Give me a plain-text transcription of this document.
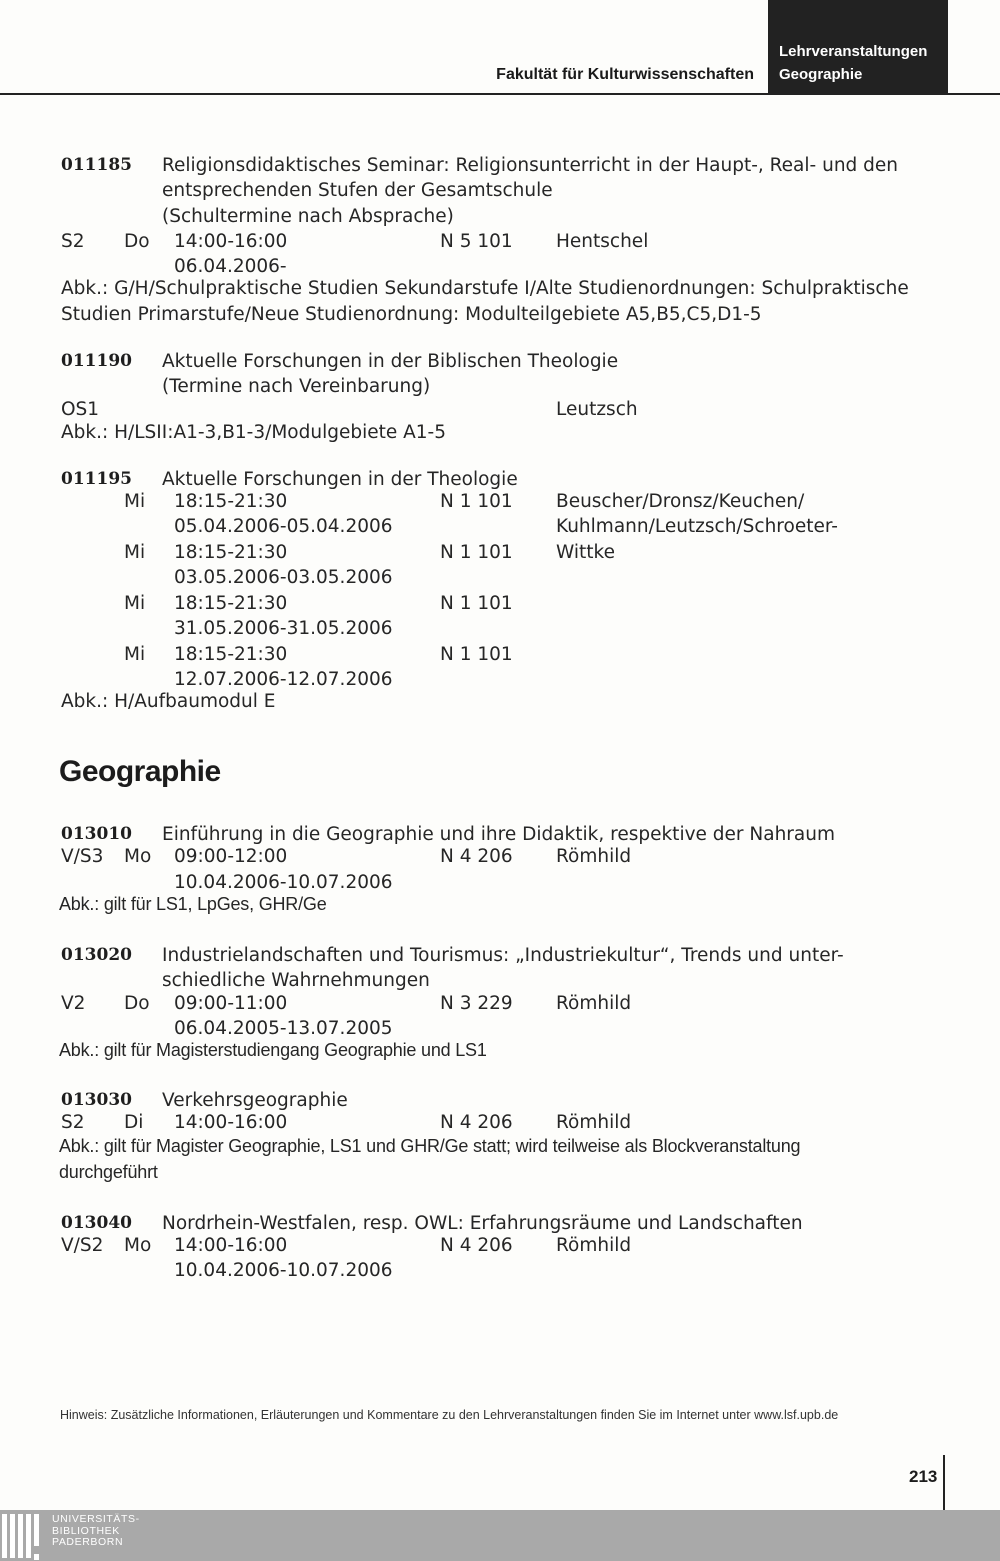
Fakultät für Kulturwissenschaften
Lehrveranstaltungen
Geographie
011185 Religionsdidaktisches Seminar: Religionsunterricht in der Haupt-, Real- und den
entsprechenden Stufen der Gesamtschule
(Schultermine nach Absprache)
S2 Do 14:00-16:00	N 5 101 Hentschel
06.04.2006-
Abk.: G/H/Schulpraktische Studien Sekundarstufe I/Alte Studienordnungen: Schulpraktische
Studien Primarstufe/Neue Studienordnung: Modulteilgebiete A5,B5,C5,D1-5
011190 Aktuelle Forschungen in der Biblischen Theologie
(Termine nach Vereinbarung)
OS1	Leutzsch
Abk.: H/LSII:A1-3,B1-3/Modulgebiete A1-5
011195 Aktuelle Forschungen in der Theologie
Mi 18:15-21:30	N 1 101 Beuscher/Dronsz/Keuchen/
05.04.2006-05.04.2006	Kuhlmann/Leutzsch/Schroeter-
Mi 18:15-21:30	N 1 101 Wittke
03.05.2006-03.05.2006
Mi 18:15-21:30	N 1 101
31.05.2006-31.05.2006
Mi 18:15-21:30	N 1 101
12.07.2006-12.07.2006
Abk.: H/Aufbaumodul E
Geographie
013010 Einführung in die Geographie und ihre Didaktik, respektive der Nahraum
V/S3 Mo 09:00-12:00	N 4 206 Römhild
10.04.2006-10.07.2006
Abk.: gilt für LS1, LpGes, GHR/Ge
013020 Industrielandschaften und Tourismus: „Industriekultur“, Trends und unter-
schiedliche Wahrnehmungen
V2 Do 09:00-11:00	N 3 229 Römhild
06.04.2005-13.07.2005
Abk.: gilt für Magisterstudiengang Geographie und LS1
013030 Verkehrsgeographie
S2 Di 14:00-16:00	N 4 206 Römhild
Abk.: gilt für Magister Geographie, LS1 und GHR/Ge statt; wird teilweise als Blockveranstaltung
durchgeführt
013040 Nordrhein-Westfalen, resp. OWL: Erfahrungsräume und Landschaften
V/S2 Mo 14:00-16:00	N 4 206 Römhild
10.04.2006-10.07.2006
Hinweis: Zusätzliche Informationen, Erläuterungen und Kommentare zu den Lehrveranstaltungen finden Sie im Internet unter www.lsf.upb.de
213
UNIVERSITÄTS-
BIBLIOTHEK
PADERBORN
